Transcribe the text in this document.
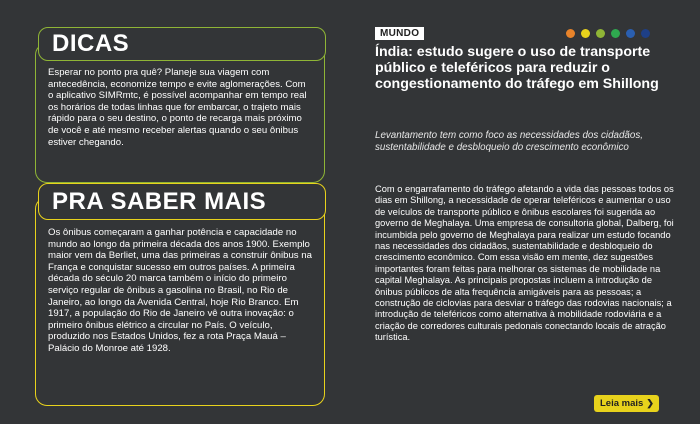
DICAS
Esperar no ponto pra quê? Planeje sua viagem com antecedência, economize tempo e evite aglomerações. Com o aplicativo SIMRmtc, é possível acompanhar em tempo real os horários de todas linhas que for embarcar, o trajeto mais rápido para o seu destino, o ponto de recarga mais próximo de você e até mesmo receber alertas quando o seu ônibus estiver chegando.
PRA SABER MAIS
Os ônibus começaram a ganhar potência e capacidade no mundo ao longo da primeira década dos anos 1900. Exemplo maior vem da Berliet, uma das primeiras a construir ônibus na França e conquistar sucesso em outros países. A primeira década do século 20 marca também o início do primeiro serviço regular de ônibus a gasolina no Brasil, no Rio de Janeiro, ao longo da Avenida Central, hoje Rio Branco. Em 1917, a população do Rio de Janeiro vê outra inovação: o primeiro ônibus elétrico a circular no País. O veículo, produzido nos Estados Unidos, fez a rota Praça Mauá – Palácio do Monroe até 1928.
MUNDO
Índia: estudo sugere o uso de transporte público e teleféricos para reduzir o congestionamento do tráfego em Shillong
Levantamento tem como foco as necessidades dos cidadãos, sustentabilidade e desbloqueio do crescimento econômico
Com o engarrafamento do tráfego afetando a vida das pessoas todos os dias em Shillong, a necessidade de operar teleféricos e aumentar o uso de veículos de transporte público e ônibus escolares foi sugerida ao governo de Meghalaya. Uma empresa de consultoria global, Dalberg, foi incumbida pelo governo de Meghalaya para realizar um estudo focando nas necessidades dos cidadãos, sustentabilidade e desbloqueio do crescimento econômico. Com essa visão em mente, dez sugestões importantes foram feitas para melhorar os sistemas de mobilidade na capital Meghalaya. As principais propostas incluem a introdução de ônibus públicos de alta frequência amigáveis para as pessoas; a construção de ciclovias para desviar o tráfego das rodovias nacionais; a introdução de teleféricos como alternativa à mobilidade rodoviária e a criação de corredores culturais pedonais conectando locais de atração turística.
Leia mais ❯
